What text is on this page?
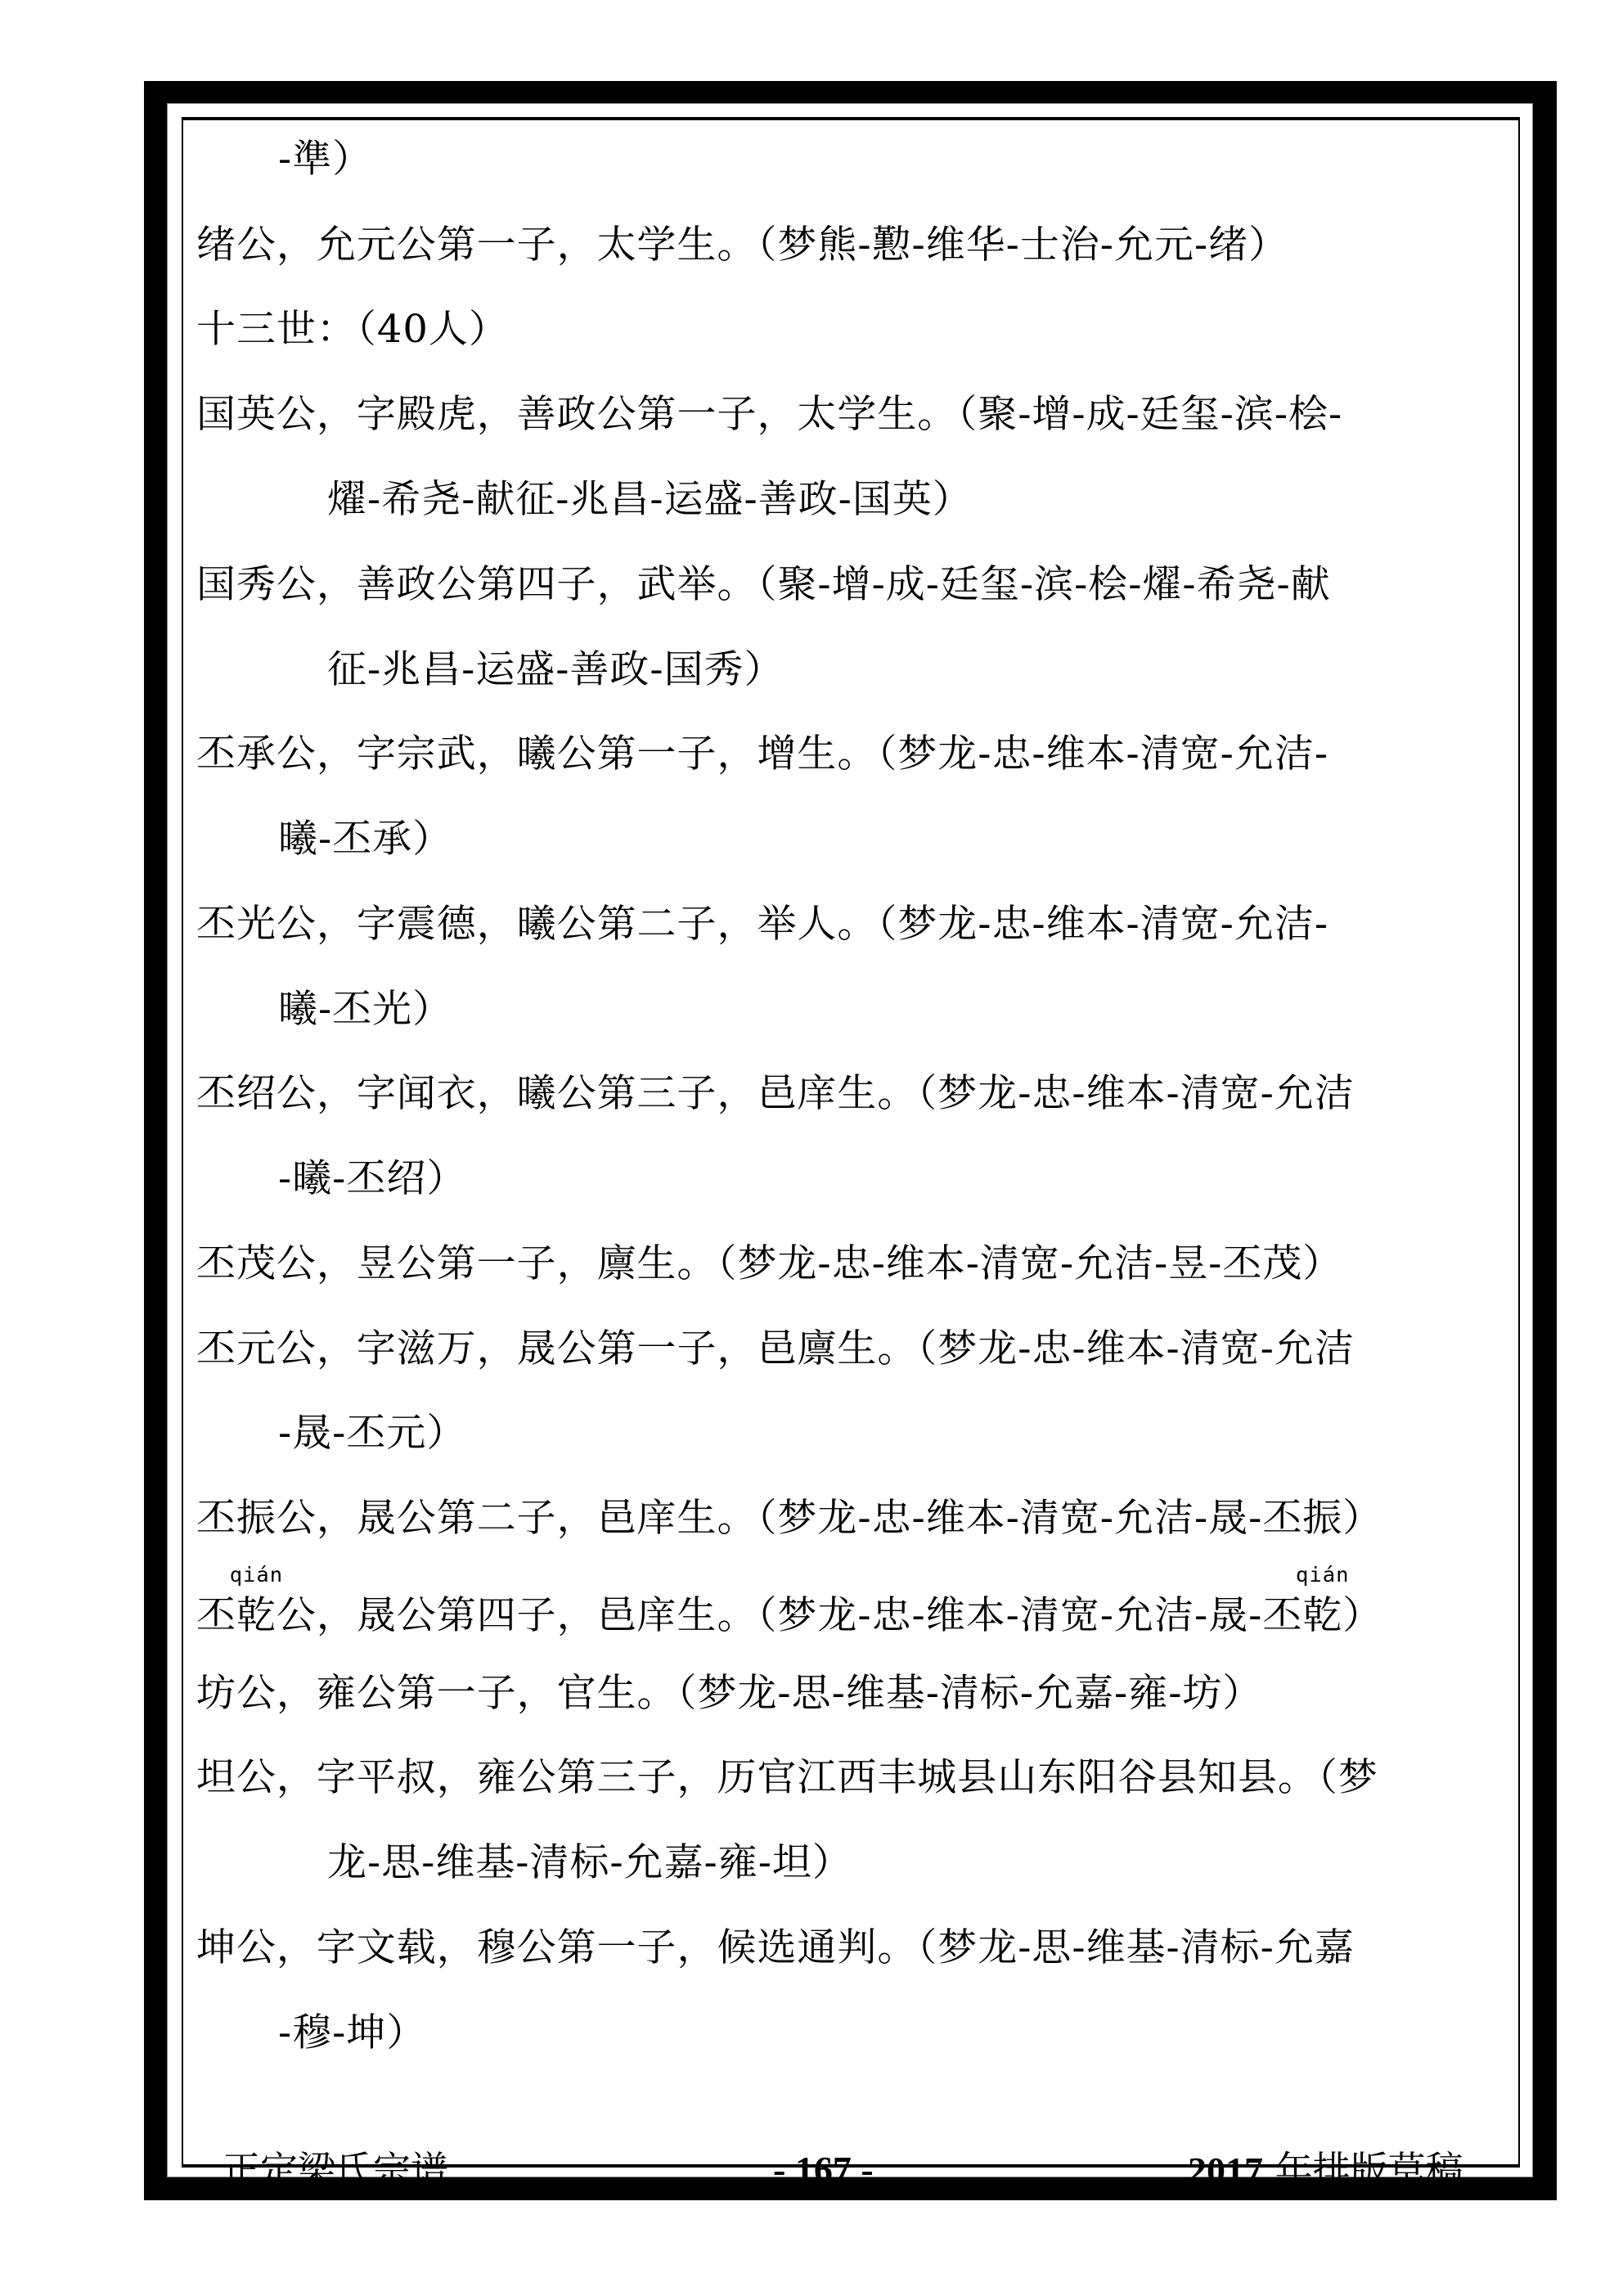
-準）
绪公，允元公第一子，太学生。（梦熊-懃-维华-士治-允元-绪）
十三世：（40人）
国英公，字殿虎，善政公第一子，太学生。（聚-增-成-廷玺-滨-桧-
燿-希尧-献征-兆昌-运盛-善政-国英）
国秀公，善政公第四子，武举。（聚-增-成-廷玺-滨-桧-燿-希尧-献
征-兆昌-运盛-善政-国秀）
丕承公，字宗武，曦公第一子，增生。（梦龙-忠-维本-清宽-允洁-
曦-丕承）
丕光公，字震德，曦公第二子，举人。（梦龙-忠-维本-清宽-允洁-
曦-丕光）
丕绍公，字闻衣，曦公第三子，邑庠生。（梦龙-忠-维本-清宽-允洁
-曦-丕绍）
丕茂公，昱公第一子，廪生。（梦龙-忠-维本-清宽-允洁-昱-丕茂）
丕元公，字滋万，晟公第一子，邑廪生。（梦龙-忠-维本-清宽-允洁
-晟-丕元）
丕振公，晟公第二子，邑庠生。（梦龙-忠-维本-清宽-允洁-晟-丕振）
丕
qián
乾公，晟公第四子，邑庠生。（梦龙-忠-维本-清宽-允洁-晟-丕
qián
乾）
坊公，雍公第一子，官生。（梦龙-思-维基-清标-允嘉-雍-坊）
坦公，字平叔，雍公第三子，历官江西丰城县山东阳谷县知县。（梦
龙-思-维基-清标-允嘉-雍-坦）
坤公，字文载，穆公第一子，候选通判。（梦龙-思-维基-清标-允嘉
-穆-坤）
正定梁氏宗谱	- 167 -	2017 年排版草稿
